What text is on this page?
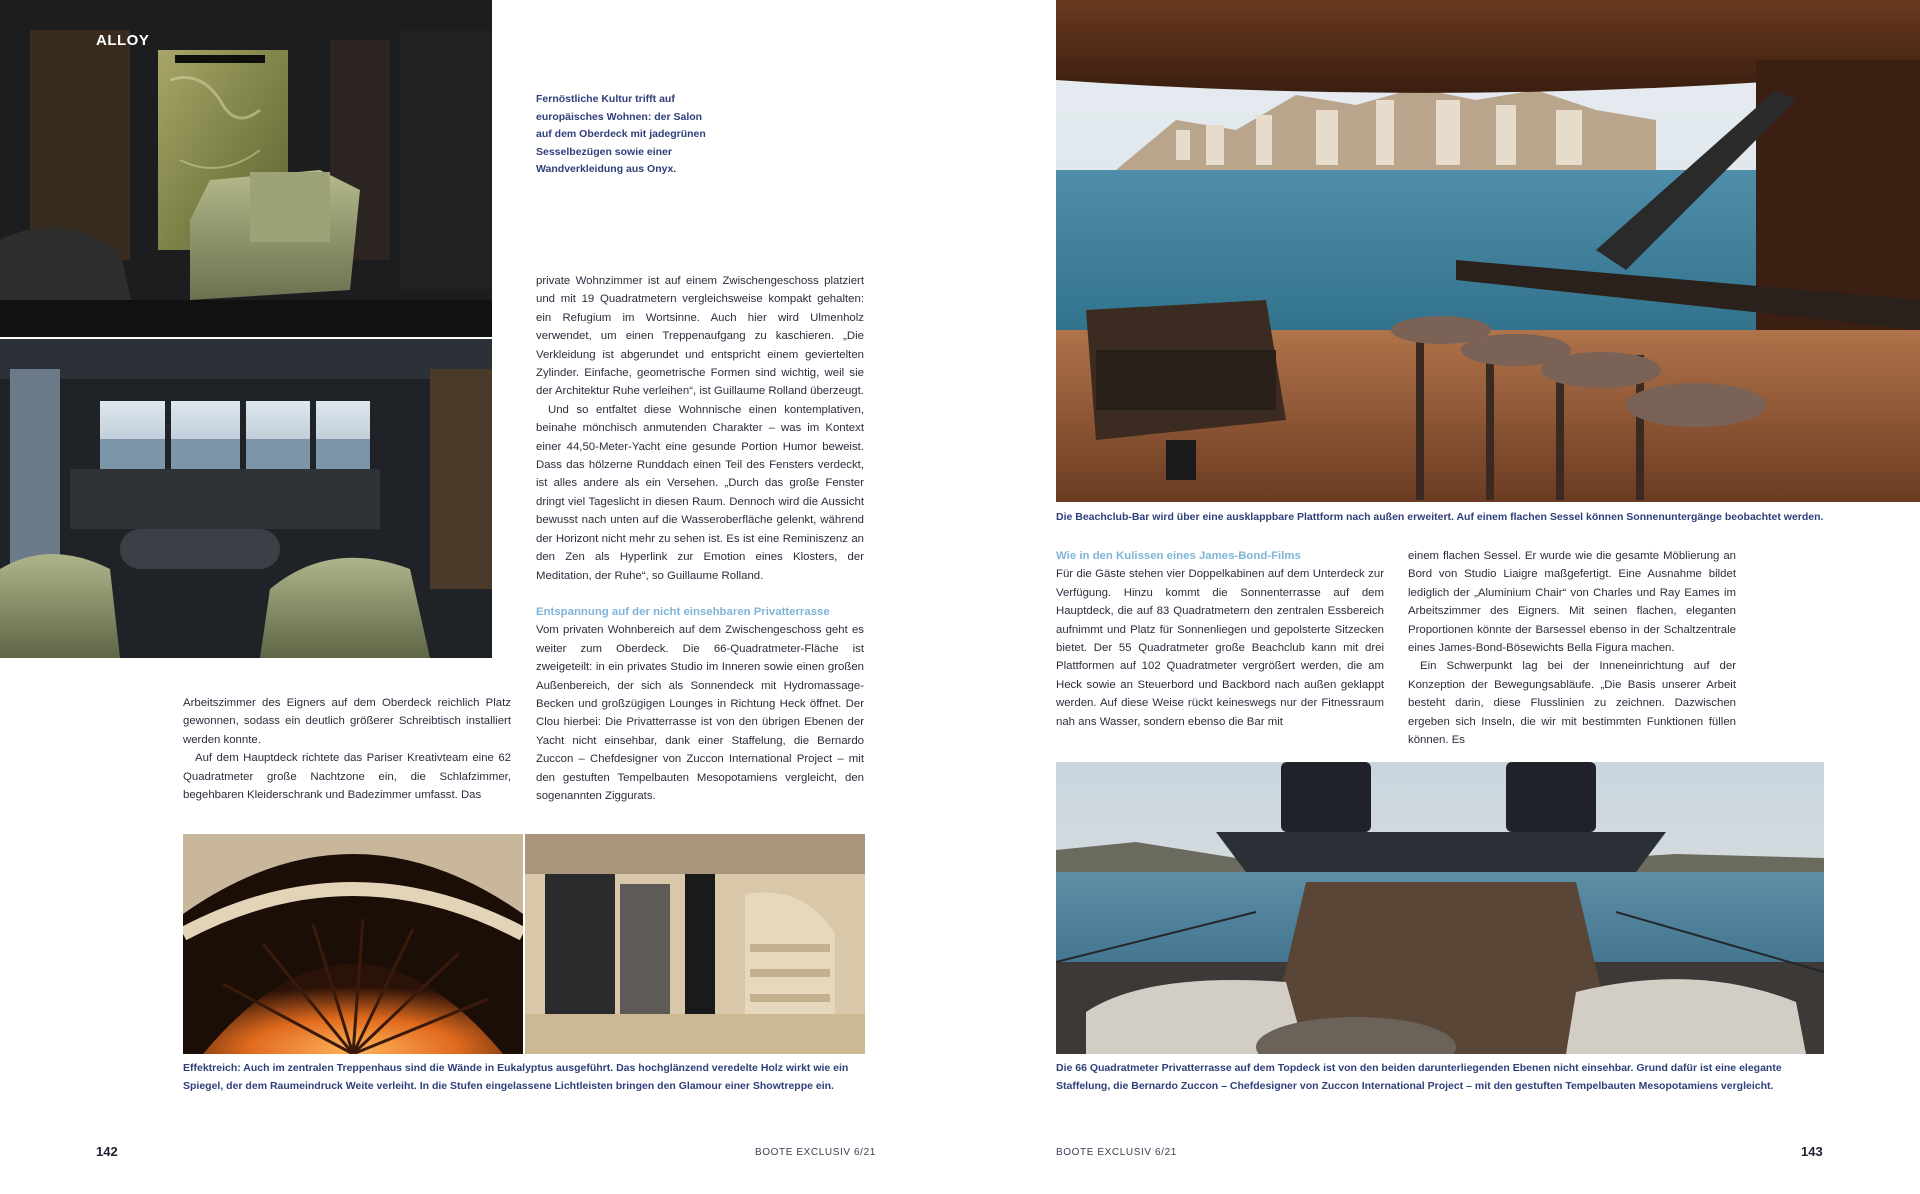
ALLOY
Fernöstliche Kultur trifft auf europäisches Wohnen: der Salon auf dem Oberdeck mit jadegrünen Sesselbezügen sowie einer Wandverkleidung aus Onyx.

private Wohnzimmer ist auf einem Zwischengeschoss platziert und mit 19 Quadratmetern vergleichsweise kompakt gehalten: ein Refugium im Wortsinne. Auch hier wird Ulmenholz verwendet, um einen Treppenaufgang zu kaschieren. „Die Verkleidung ist abgerundet und entspricht einem geviertelten Zylinder. Einfache, geometrische Formen sind wichtig, weil sie der Architektur Ruhe verleihen“, ist Guillaume Rolland überzeugt.

Und so entfaltet diese Wohnnische einen kontemplativen, beinahe mönchisch anmutenden Charakter – was im Kontext einer 44,50-Meter-Yacht eine gesunde Portion Humor beweist. Dass das hölzerne Runddach einen Teil des Fensters verdeckt, ist alles andere als ein Versehen. „Durch das große Fenster dringt viel Tageslicht in diesen Raum. Dennoch wird die Aussicht bewusst nach unten auf die Wasseroberfläche gelenkt, während der Horizont nicht mehr zu sehen ist. Es ist eine Reminiszenz an den Zen als Hyperlink zur Emotion eines Klosters, der Meditation, der Ruhe“, so Guillaume Rolland.

Entspannung auf der nicht einsehbaren Privatterrasse

Vom privaten Wohnbereich auf dem Zwischengeschoss geht es weiter zum Oberdeck. Die 66-Quadratmeter-Fläche ist zweigeteilt: in ein privates Studio im Inneren sowie einen großen Außenbereich, der sich als Sonnendeck mit Hydromassage-Becken und großzügigen Lounges in Richtung Heck öffnet. Der Clou hierbei: Die Privatterrasse ist von den übrigen Ebenen der Yacht nicht einsehbar, dank einer Staffelung, die Bernardo Zuccon – Chefdesigner von Zuccon International Project – mit den gestuften Tempelbauten Mesopotamiens vergleicht, den sogenannten Ziggurats.

Arbeitszimmer des Eigners auf dem Oberdeck reichlich Platz gewonnen, sodass ein deutlich größerer Schreibtisch installiert werden konnte.

Auf dem Hauptdeck richtete das Pariser Kreativteam eine 62 Quadratmeter große Nachtzone ein, die Schlafzimmer, begehbaren Kleiderschrank und Badezimmer umfasst. Das

Effektreich: Auch im zentralen Treppenhaus sind die Wände in Eukalyptus ausgeführt. Das hochglänzend veredelte Holz wirkt wie ein Spiegel, der dem Raumeindruck Weite verleiht. In die Stufen eingelassene Lichtleisten bringen den Glamour einer Showtreppe ein.
142	BOOTE EXCLUSIV 6/21
Die Beachclub-Bar wird über eine ausklappbare Plattform nach außen erweitert. Auf einem flachen Sessel können Sonnenuntergänge beobachtet werden.
Wie in den Kulissen eines James-Bond-Films

Für die Gäste stehen vier Doppelkabinen auf dem Unterdeck zur Verfügung. Hinzu kommt die Sonnenterrasse auf dem Hauptdeck, die auf 83 Quadratmetern den zentralen Essbereich aufnimmt und Platz für Sonnenliegen und gepolsterte Sitzecken bietet. Der 55 Quadratmeter große Beachclub kann mit drei Plattformen auf 102 Quadratmeter vergrößert werden, die am Heck sowie an Steuerbord und Backbord nach außen geklappt werden. Auf diese Weise rückt keineswegs nur der Fitnessraum nah ans Wasser, sondern ebenso die Bar mit

einem flachen Sessel. Er wurde wie die gesamte Möblierung an Bord von Studio Liaigre maßgefertigt. Eine Ausnahme bildet lediglich der „Aluminium Chair“ von Charles und Ray Eames im Arbeitszimmer des Eigners. Mit seinen flachen, eleganten Proportionen könnte der Barsessel ebenso in der Schaltzentrale eines James-Bond-Bösewichts Bella Figura machen.

Ein Schwerpunkt lag bei der Inneneinrichtung auf der Konzeption der Bewegungsabläufe. „Die Basis unserer Arbeit besteht darin, diese Flusslinien zu zeichnen. Dazwischen ergeben sich Inseln, die wir mit bestimmten Funktionen füllen können. Es

Die 66 Quadratmeter Privatterrasse auf dem Topdeck ist von den beiden darunterliegenden Ebenen nicht einsehbar. Grund dafür ist eine elegante Staffelung, die Bernardo Zuccon – Chefdesigner von Zuccon International Project – mit den gestuften Tempelbauten Mesopotamiens vergleicht.
BOOTE EXCLUSIV 6/21	143
